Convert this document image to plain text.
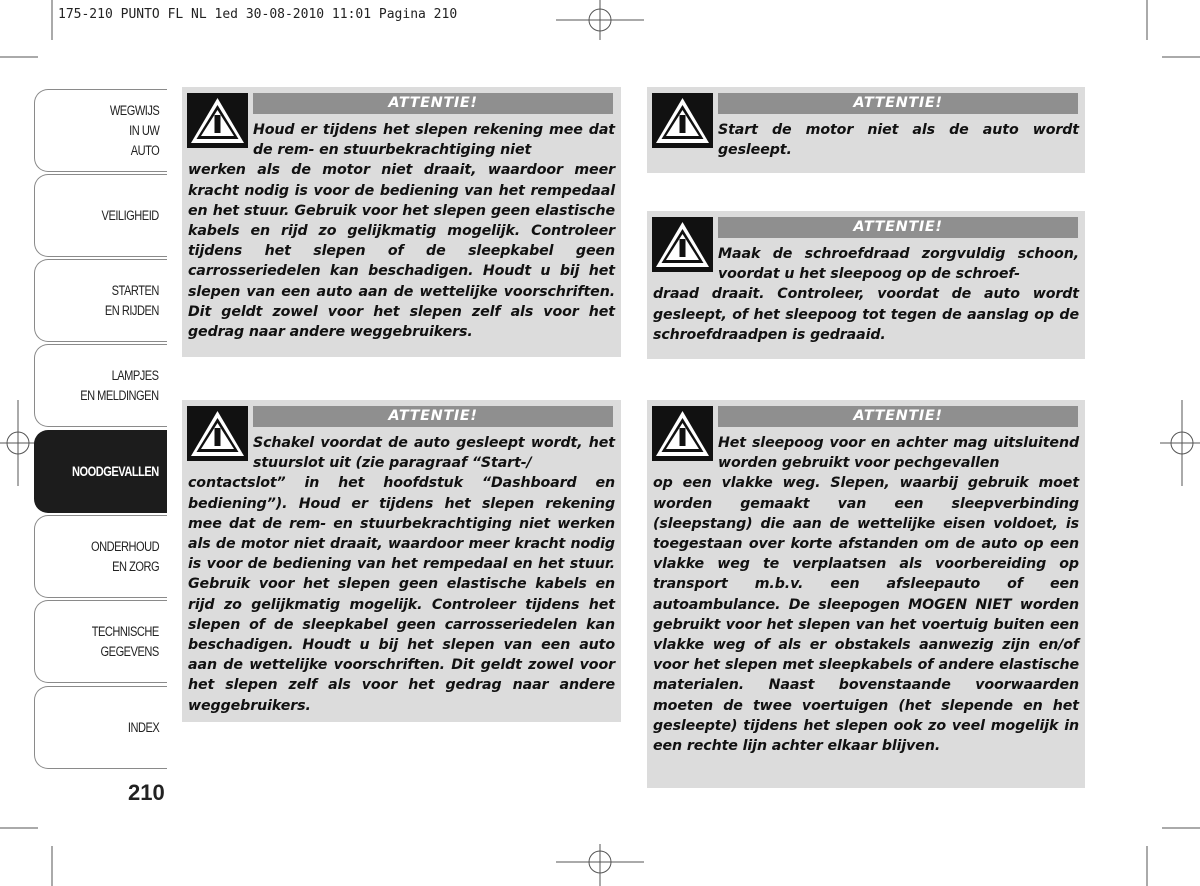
175-210 PUNTO FL NL 1ed 30-08-2010 11:01 Pagina 210
WEGWIJS
IN UW
AUTO
VEILIGHEID
STARTEN
EN RIJDEN
LAMPJES
EN MELDINGEN
NOODGEVALLEN
ONDERHOUD
EN ZORG
TECHNISCHE
GEGEVENS
INDEX
210
ATTENTIE!
Houd er tijdens het slepen rekening mee dat de rem- en stuurbekrachtiging niet
werken als de motor niet draait, waardoor meer kracht nodig is voor de bediening van het rempedaal en het stuur. Gebruik voor het slepen geen elastische kabels en rijd zo gelijkmatig mogelijk. Controleer tijdens het slepen of de sleepkabel geen carrosseriedelen kan beschadigen. Houdt u bij het slepen van een auto aan de wettelijke voorschriften. Dit geldt zowel voor het slepen zelf als voor het gedrag naar andere weggebruikers.
ATTENTIE!
Schakel voordat de auto gesleept wordt, het stuurslot uit (zie paragraaf “Start-/
contactslot” in het hoofdstuk “Dashboard en bediening”). Houd er tijdens het slepen rekening mee dat de rem- en stuurbekrachtiging niet werken als de motor niet draait, waardoor meer kracht nodig is voor de bediening van het rempedaal en het stuur. Gebruik voor het slepen geen elastische kabels en rijd zo gelijkmatig mogelijk. Controleer tijdens het slepen of de sleepkabel geen carrosseriedelen kan beschadigen. Houdt u bij het slepen van een auto aan de wettelijke voorschriften. Dit geldt zowel voor het slepen zelf als voor het gedrag naar andere weggebruikers.
ATTENTIE!
Start de motor niet als de auto wordt gesleept.
ATTENTIE!
Maak de schroefdraad zorgvuldig schoon, voordat u het sleepoog op de schroef-
draad draait. Controleer, voordat de auto wordt gesleept, of het sleepoog tot tegen de aanslag op de schroefdraadpen is gedraaid.
ATTENTIE!
Het sleepoog voor en achter mag uitsluitend worden gebruikt voor pechgevallen
op een vlakke weg. Slepen, waarbij gebruik moet worden gemaakt van een sleepverbinding (sleepstang) die aan de wettelijke eisen voldoet, is toegestaan over korte afstanden om de auto op een vlakke weg te verplaatsen als voorbereiding op transport m.b.v. een afsleepauto of een autoambulance. De sleepogen MOGEN NIET worden gebruikt voor het slepen van het voertuig buiten een vlakke weg of als er obstakels aanwezig zijn en/of voor het slepen met sleepkabels of andere elastische materialen. Naast bovenstaande voorwaarden moeten de twee voertuigen (het slepende en het gesleepte) tijdens het slepen ook zo veel mogelijk in een rechte lijn achter elkaar blijven.
